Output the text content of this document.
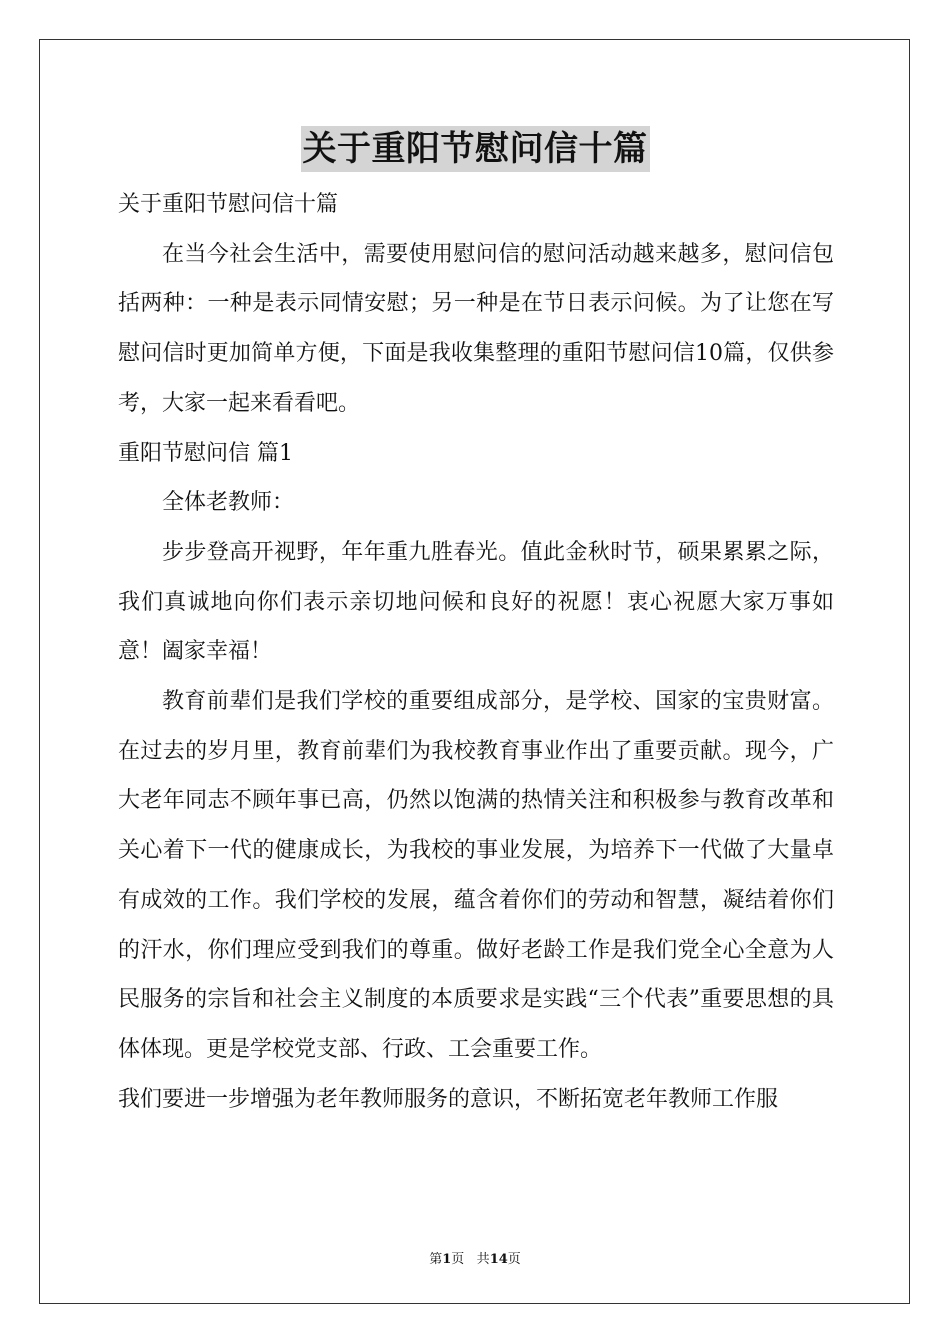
关于重阳节慰问信十篇

关于重阳节慰问信十篇

在当今社会生活中，需要使用慰问信的慰问活动越来越多，慰问信包括两种：一种是表示同情安慰；另一种是在节日表示问候。为了让您在写慰问信时更加简单方便，下面是我收集整理的重阳节慰问信10篇，仅供参考，大家一起来看看吧。

重阳节慰问信 篇1

全体老教师：

步步登高开视野，年年重九胜春光。值此金秋时节，硕果累累之际，我们真诚地向你们表示亲切地问候和良好的祝愿！衷心祝愿大家万事如意！阖家幸福！

教育前辈们是我们学校的重要组成部分，是学校、国家的宝贵财富。在过去的岁月里，教育前辈们为我校教育事业作出了重要贡献。现今，广大老年同志不顾年事已高，仍然以饱满的热情关注和积极参与教育改革和关心着下一代的健康成长，为我校的事业发展，为培养下一代做了大量卓有成效的工作。我们学校的发展，蕴含着你们的劳动和智慧，凝结着你们的汗水，你们理应受到我们的尊重。做好老龄工作是我们党全心全意为人民服务的宗旨和社会主义制度的本质要求是实践“三个代表”重要思想的具体体现。更是学校党支部、行政、工会重要工作。

我们要进一步增强为老年教师服务的意识，不断拓宽老年教师工作服

第1页 共14页
